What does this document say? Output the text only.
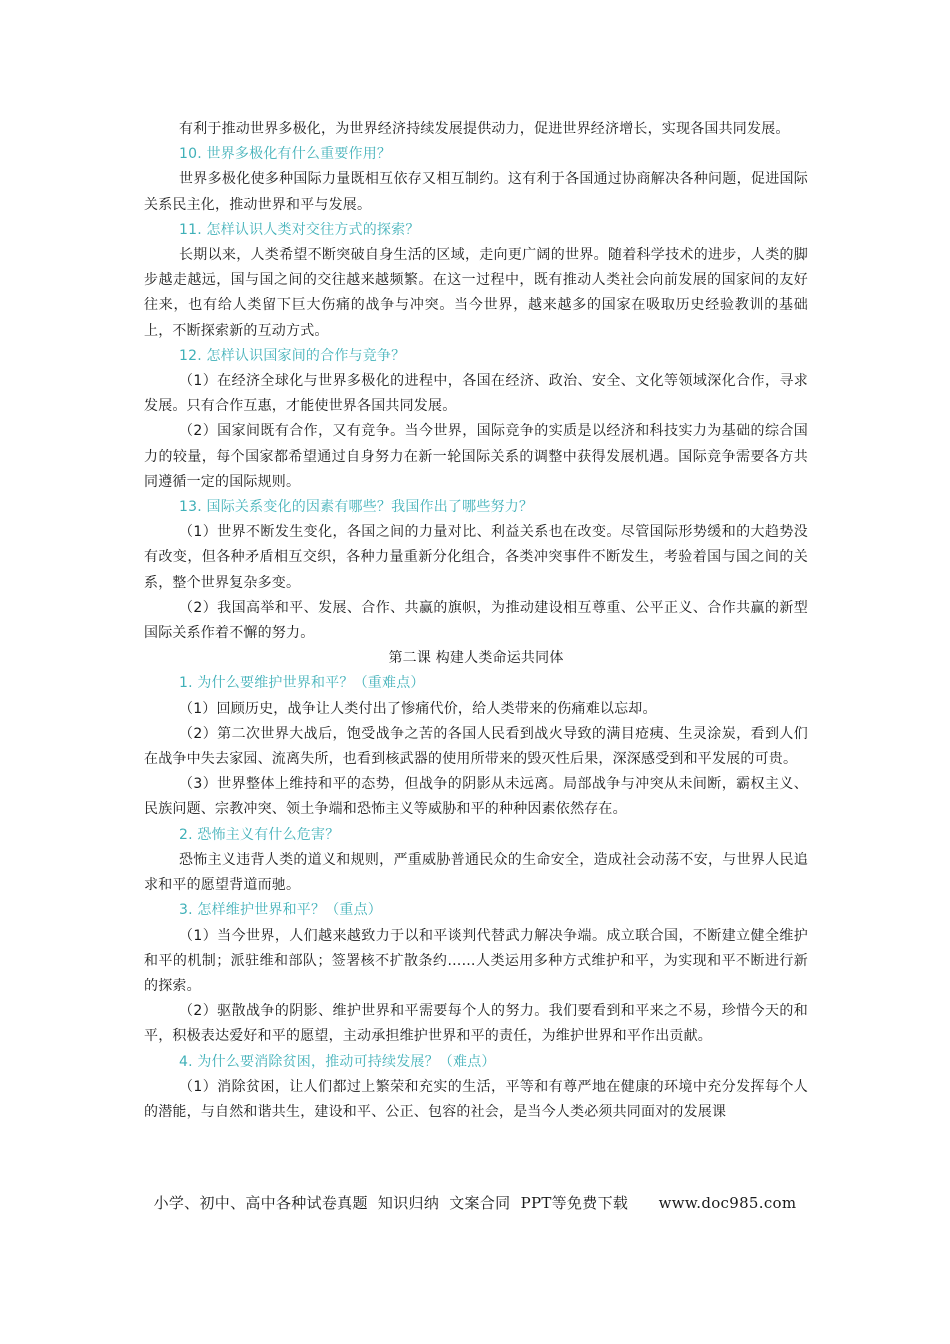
有利于推动世界多极化，为世界经济持续发展提供动力，促进世界经济增长，实现各国共同发展。

10. 世界多极化有什么重要作用？

世界多极化使多种国际力量既相互依存又相互制约。这有利于各国通过协商解决各种问题，促进国际关系民主化，推动世界和平与发展。

11. 怎样认识人类对交往方式的探索？

长期以来，人类希望不断突破自身生活的区域，走向更广阔的世界。随着科学技术的进步，人类的脚步越走越远，国与国之间的交往越来越频繁。在这一过程中，既有推动人类社会向前发展的国家间的友好往来，也有给人类留下巨大伤痛的战争与冲突。当今世界，越来越多的国家在吸取历史经验教训的基础上，不断探索新的互动方式。

12. 怎样认识国家间的合作与竞争？

（1）在经济全球化与世界多极化的进程中，各国在经济、政治、安全、文化等领域深化合作，寻求发展。只有合作互惠，才能使世界各国共同发展。

（2）国家间既有合作，又有竞争。当今世界，国际竞争的实质是以经济和科技实力为基础的综合国力的较量，每个国家都希望通过自身努力在新一轮国际关系的调整中获得发展机遇。国际竞争需要各方共同遵循一定的国际规则。

13. 国际关系变化的因素有哪些？我国作出了哪些努力？

（1）世界不断发生变化，各国之间的力量对比、利益关系也在改变。尽管国际形势缓和的大趋势没有改变，但各种矛盾相互交织，各种力量重新分化组合，各类冲突事件不断发生，考验着国与国之间的关系，整个世界复杂多变。

（2）我国高举和平、发展、合作、共赢的旗帜，为推动建设相互尊重、公平正义、合作共赢的新型国际关系作着不懈的努力。

第二课 构建人类命运共同体

1. 为什么要维护世界和平？（重难点）

（1）回顾历史，战争让人类付出了惨痛代价，给人类带来的伤痛难以忘却。

（2）第二次世界大战后，饱受战争之苦的各国人民看到战火导致的满目疮痍、生灵涂炭，看到人们在战争中失去家园、流离失所，也看到核武器的使用所带来的毁灭性后果，深深感受到和平发展的可贵。

（3）世界整体上维持和平的态势，但战争的阴影从未远离。局部战争与冲突从未间断，霸权主义、民族问题、宗教冲突、领土争端和恐怖主义等威胁和平的种种因素依然存在。

2. 恐怖主义有什么危害？

恐怖主义违背人类的道义和规则，严重威胁普通民众的生命安全，造成社会动荡不安，与世界人民追求和平的愿望背道而驰。

3. 怎样维护世界和平？（重点）

（1）当今世界，人们越来越致力于以和平谈判代替武力解决争端。成立联合国，不断建立健全维护和平的机制；派驻维和部队；签署核不扩散条约……人类运用多种方式维护和平，为实现和平不断进行新的探索。

（2）驱散战争的阴影、维护世界和平需要每个人的努力。我们要看到和平来之不易，珍惜今天的和平，积极表达爱好和平的愿望，主动承担维护世界和平的责任，为维护世界和平作出贡献。

4. 为什么要消除贫困，推动可持续发展？（难点）

（1）消除贫困，让人们都过上繁荣和充实的生活，平等和有尊严地在健康的环境中充分发挥每个人的潜能，与自然和谐共生，建设和平、公正、包容的社会，是当今人类必须共同面对的发展课

小学、初中、高中各种试卷真题  知识归纳  文案合同  PPT等免费下载 www.doc985.com
